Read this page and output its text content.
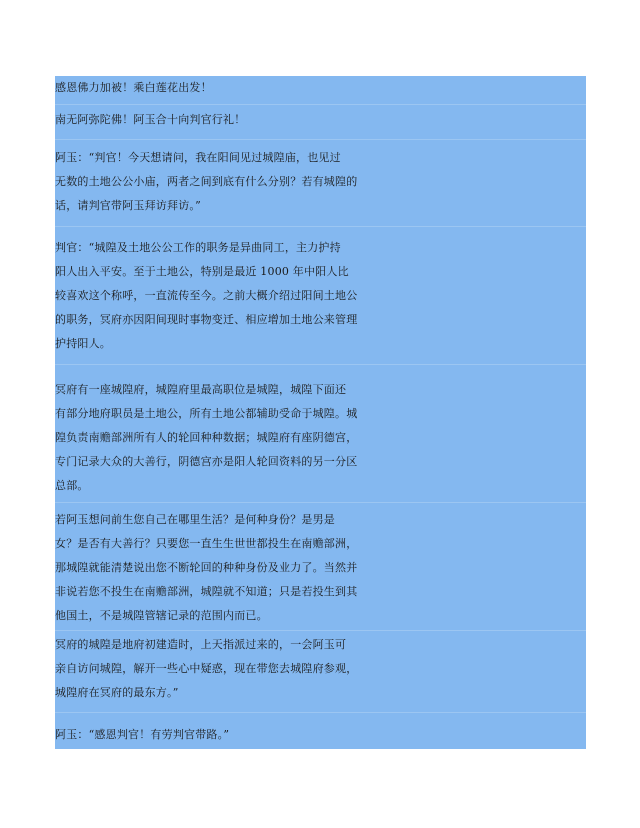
感恩佛力加被！乘白莲花出发！
南无阿弥陀佛！阿玉合十向判官行礼！
阿玉：“判官！今天想请问，我在阳间见过城隍庙，也见过
无数的土地公公小庙，两者之间到底有什么分别？若有城隍的
话，请判官带阿玉拜访拜访。”
判官：“城隍及土地公公工作的职务是异曲同工，主力护持
阳人出入平安。至于土地公，特别是最近 1000 年中阳人比
较喜欢这个称呼，一直流传至今。之前大概介绍过阳间土地公
的职务，冥府亦因阳间现时事物变迁、相应增加土地公来管理
护持阳人。
冥府有一座城隍府，城隍府里最高职位是城隍，城隍下面还
有部分地府职员是土地公，所有土地公都辅助受命于城隍。城
隍负责南赡部洲所有人的轮回种种数据；城隍府有座阴德宫，
专门记录大众的大善行，阴德宫亦是阳人轮回资料的另一分区
总部。
若阿玉想问前生您自己在哪里生活？是何种身份？是男是
女？是否有大善行？只要您一直生生世世都投生在南赡部洲，
那城隍就能清楚说出您不断轮回的种种身份及业力了。当然并
非说若您不投生在南赡部洲，城隍就不知道；只是若投生到其
他国土，不是城隍管辖记录的范围内而已。
冥府的城隍是地府初建造时，上天指派过来的，一会阿玉可
亲自访问城隍，解开一些心中疑惑，现在带您去城隍府参观，
城隍府在冥府的最东方。”
阿玉：“感恩判官！有劳判官带路。”
